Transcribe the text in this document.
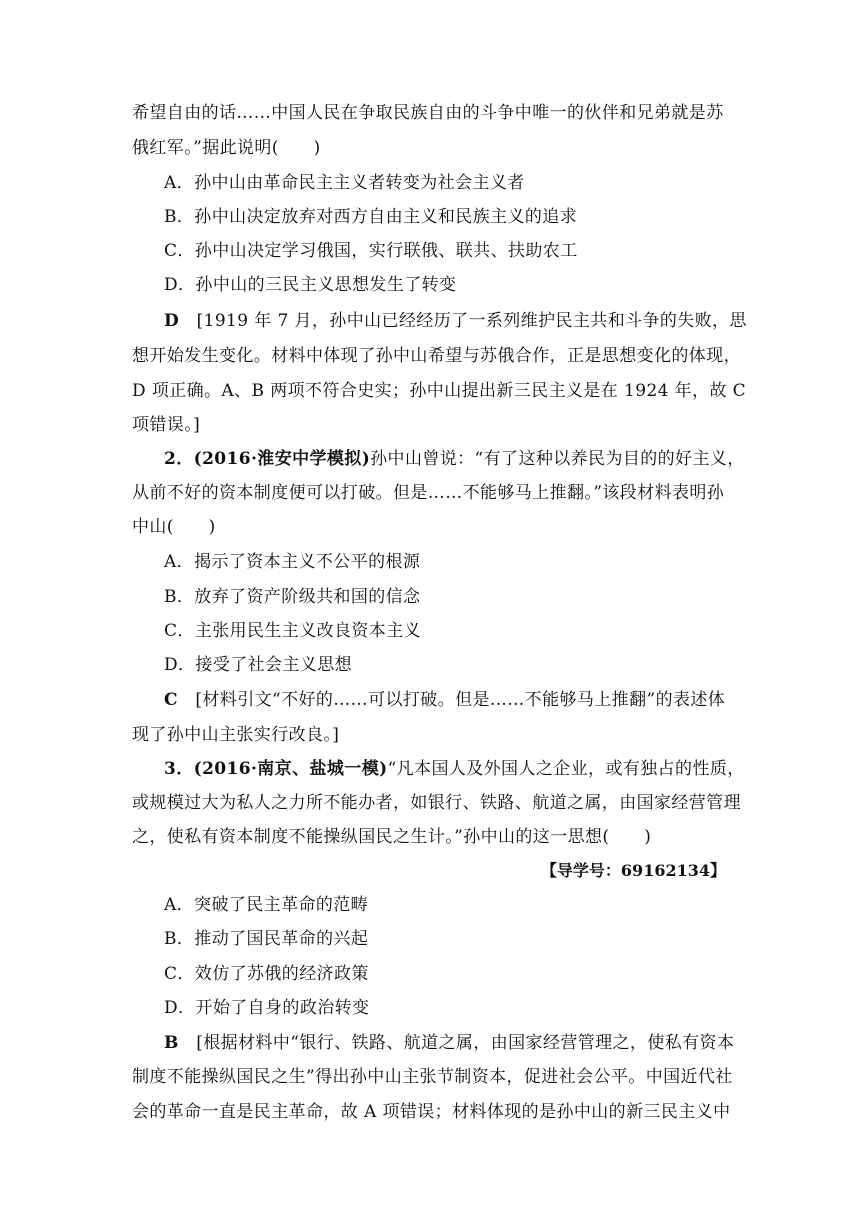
希望自由的话……中国人民在争取民族自由的斗争中唯一的伙伴和兄弟就是苏
俄红军。”据此说明(　　)
A．孙中山由革命民主主义者转变为社会主义者
B．孙中山决定放弃对西方自由主义和民族主义的追求
C．孙中山决定学习俄国，实行联俄、联共、扶助农工
D．孙中山的三民主义思想发生了转变
D [1919 年 7 月，孙中山已经经历了一系列维护民主共和斗争的失败，思
想开始发生变化。材料中体现了孙中山希望与苏俄合作，正是思想变化的体现，
D 项正确。A、B 两项不符合史实；孙中山提出新三民主义是在 1924 年，故 C
项错误。]
2．(2016·淮安中学模拟)孙中山曾说：“有了这种以养民为目的的好主义，
从前不好的资本制度便可以打破。但是……不能够马上推翻。”该段材料表明孙
中山(　　)
A．揭示了资本主义不公平的根源
B．放弃了资产阶级共和国的信念
C．主张用民生主义改良资本主义
D．接受了社会主义思想
C [材料引文“不好的……可以打破。但是……不能够马上推翻”的表述体
现了孙中山主张实行改良。]
3．(2016·南京、盐城一模)“凡本国人及外国人之企业，或有独占的性质，
或规模过大为私人之力所不能办者，如银行、铁路、航道之属，由国家经营管理
之，使私有资本制度不能操纵国民之生计。”孙中山的这一思想(　　)
【导学号：69162134】
A．突破了民主革命的范畴
B．推动了国民革命的兴起
C．效仿了苏俄的经济政策
D．开始了自身的政治转变
B [根据材料中“银行、铁路、航道之属，由国家经营管理之，使私有资本
制度不能操纵国民之生”得出孙中山主张节制资本，促进社会公平。中国近代社
会的革命一直是民主革命，故 A 项错误；材料体现的是孙中山的新三民主义中
